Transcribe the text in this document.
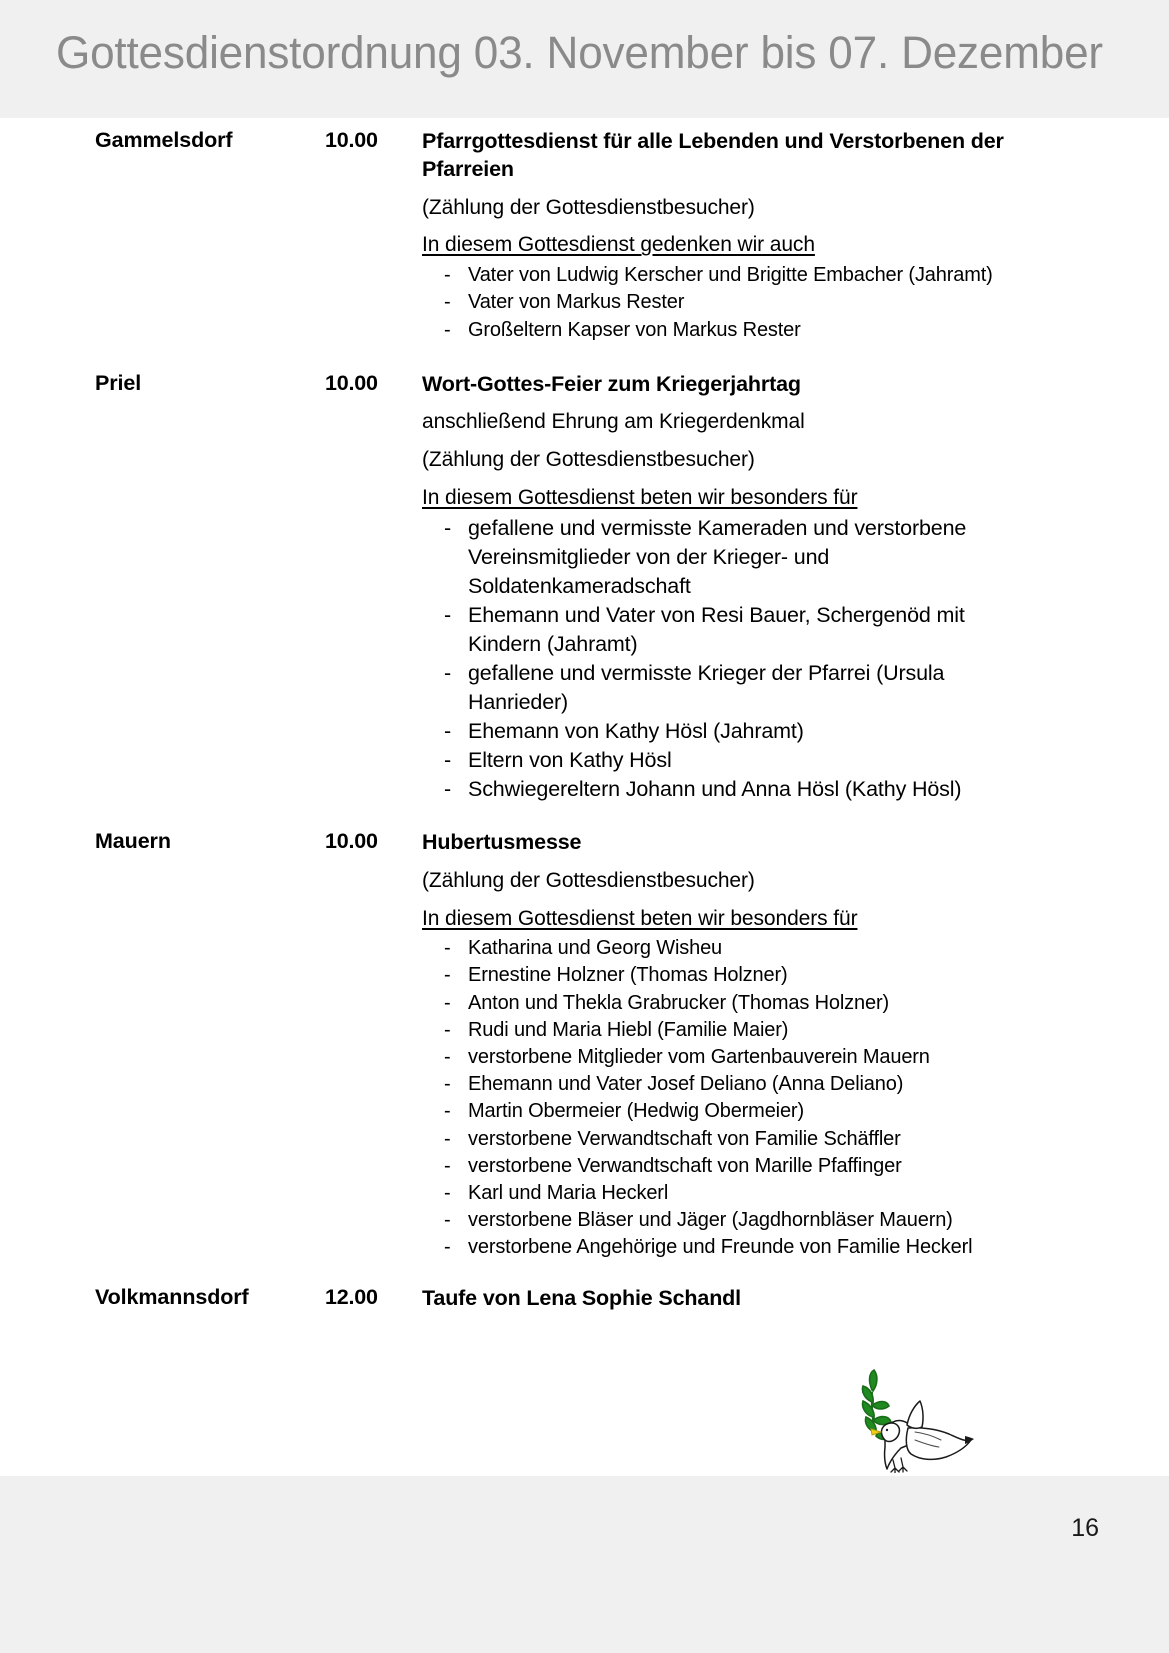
Gottesdienstordnung 03. November bis 07. Dezember
Gammelsdorf	10.00	Pfarrgottesdienst für alle Lebenden und Verstorbenen der Pfarreien
(Zählung der Gottesdienstbesucher)
In diesem Gottesdienst gedenken wir auch
- Vater von Ludwig Kerscher und Brigitte Embacher (Jahramt)
- Vater von Markus Rester
- Großeltern Kapser von Markus Rester
Priel	10.00	Wort-Gottes-Feier zum Kriegerjahrtag
anschließend Ehrung am Kriegerdenkmal
(Zählung der Gottesdienstbesucher)
In diesem Gottesdienst beten wir besonders für
- gefallene und vermisste Kameraden und verstorbene Vereinsmitglieder von der Krieger- und Soldatenkameradschaft
- Ehemann und Vater von Resi Bauer, Schergenöd mit Kindern (Jahramt)
- gefallene und vermisste Krieger der Pfarrei (Ursula Hanrieder)
- Ehemann von Kathy Hösl (Jahramt)
- Eltern von Kathy Hösl
- Schwiegereltern Johann und Anna Hösl (Kathy Hösl)
Mauern	10.00	Hubertusmesse
(Zählung der Gottesdienstbesucher)
In diesem Gottesdienst beten wir besonders für
- Katharina und Georg Wisheu
- Ernestine Holzner (Thomas Holzner)
- Anton und Thekla Grabrucker (Thomas Holzner)
- Rudi und Maria Hiebl (Familie Maier)
- verstorbene Mitglieder vom Gartenbauverein Mauern
- Ehemann und Vater Josef Deliano (Anna Deliano)
- Martin Obermeier (Hedwig Obermeier)
- verstorbene Verwandtschaft von Familie Schäffler
- verstorbene Verwandtschaft von Marille Pfaffinger
- Karl und Maria Heckerl
- verstorbene Bläser und Jäger (Jagdhornbläser Mauern)
- verstorbene Angehörige und Freunde von Familie Heckerl
Volkmannsdorf	12.00	Taufe von Lena Sophie Schandl
16
